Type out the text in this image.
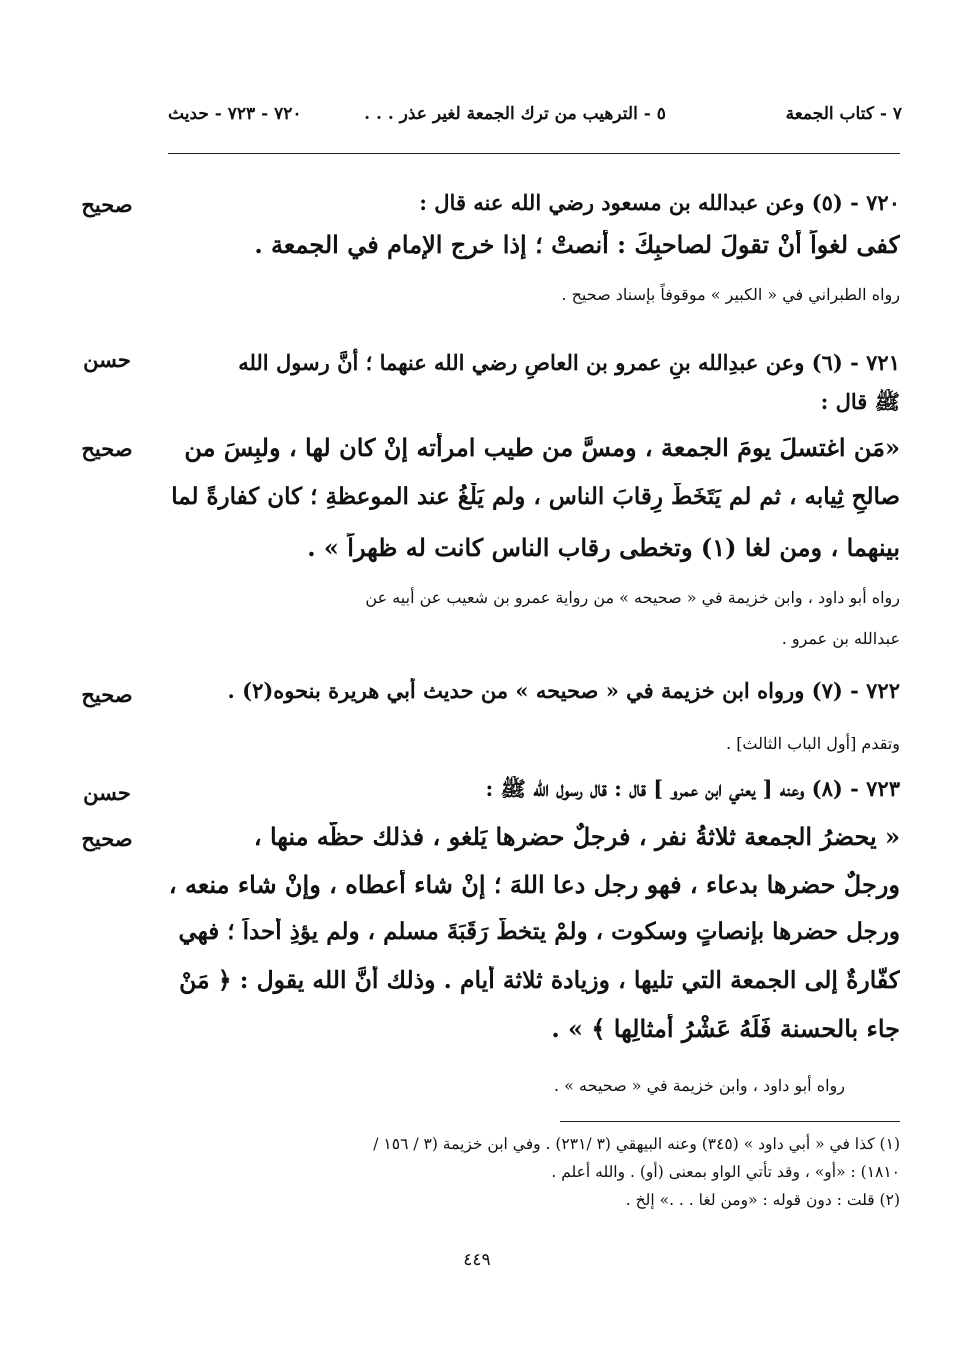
٧ - كتاب الجمعة
٥ - الترهيب من ترك الجمعة لغير عذر . . .
٧٢٠ - ٧٢٣ - حديث
صحيح	٧٢٠ - (٥) وعن عبدالله بن مسعود رضي الله عنه قال :
كفى لغواً أنْ تقولَ لصاحبِكَ : أَنصتْ ؛ إذا خرج الإمام في الجمعة .
رواه الطبراني في « الكبير » موقوفاً بإسناد صحيح .
حسن
صحيح
٧٢١ - (٦) وعن عبدِالله بنِ عمرو بن العاصِ رضي الله عنهما ؛ أنَّ رسول الله
ﷺ قال :
«مَن اغتسلَ يومَ الجمعة ، ومسَّ من طيب امرأته إنْ كان لها ، ولبِسَ من
صالحِ ثِيابه ، ثم لم يَتَخَطَّ رِقابَ الناس ، ولم يَلْغُ عند الموعظةِ ؛ كان كفارةً لما
بينهما ، ومن لغا (١) وتخطى رقاب الناس كانت له ظهراً » .
رواه أبو داود ، وابن خزيمة في « صحيحه » من رواية عمرو بن شعيب عن أبيه عن
عبدالله بن عمرو .
صحيح	٧٢٢ - (٧) ورواه ابن خزيمة في « صحيحه » من حديث أبي هريرة بنحوه(٢) .
وتقدم [أول الباب الثالث] .
حسن
صحيح
٧٢٣ - (٨) وعنه [ يعني ابن عمرو ] قال : قال رسول الله ﷺ :
« يحضرُ الجمعة ثلاثةُ نفر ، فرجلٌ حضرها يَلغو ، فذلك حظُّه منها ،
ورجلٌ حضرها بدعاء ، فهو رجل دعا اللهَ ؛ إنْ شاء أعطاه ، وإنْ شاء منعه ،
ورجل حضرها بإنصاتٍ وسكوت ، ولمْ يتخطَّ رَقَبَةَ مسلم ، ولم يؤذِ أحداً ؛ فهي
كفّارةٌ إلى الجمعة التي تليها ، وزيادة ثلاثة أيام . وذلك أنَّ الله يقول : ﴿ مَنْ
جاء بالحسنة فَلَهُ عَشْرُ أمثالِها ﴾ » .
رواه أبو داود ، وابن خزيمة في « صحيحه » .
(١) كذا في « أبي داود » (٣٤٥) وعنه البيهقي (٣ /٢٣١) . وفي ابن خزيمة (٣ / ١٥٦ /
١٨١٠) : «أو» ، وقد تأتي الواو بمعنى (أو) . والله أعلم .
(٢) قلت : دون قوله : «ومن لغا . . .» إلخ .
٤٤٩
